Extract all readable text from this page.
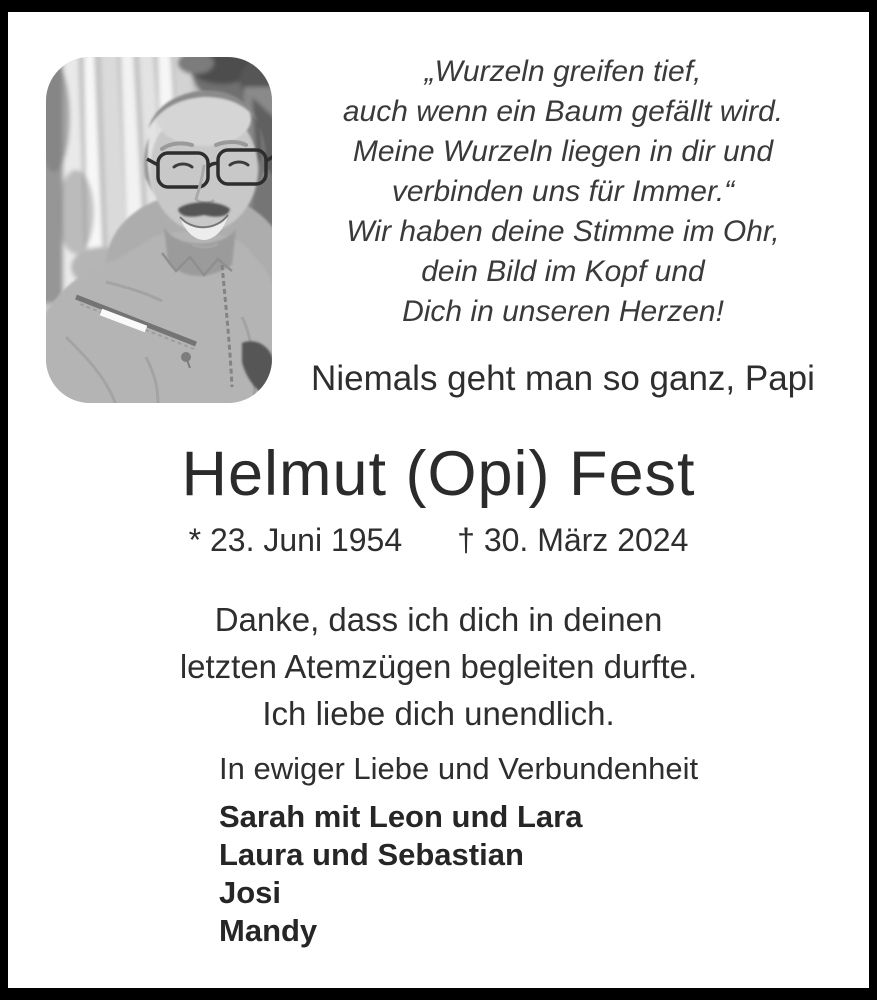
„Wurzeln greifen tief,
auch wenn ein Baum gefällt wird.
Meine Wurzeln liegen in dir und
verbinden uns für Immer.“
Wir haben deine Stimme im Ohr,
dein Bild im Kopf und
Dich in unseren Herzen!
Niemals geht man so ganz, Papi
Helmut (Opi) Fest
* 23. Juni 1954 † 30. März 2024
Danke, dass ich dich in deinen
letzten Atemzügen begleiten durfte.
Ich liebe dich unendlich.
In ewiger Liebe und Verbundenheit
Sarah mit Leon und Lara
Laura und Sebastian
Josi
Mandy
